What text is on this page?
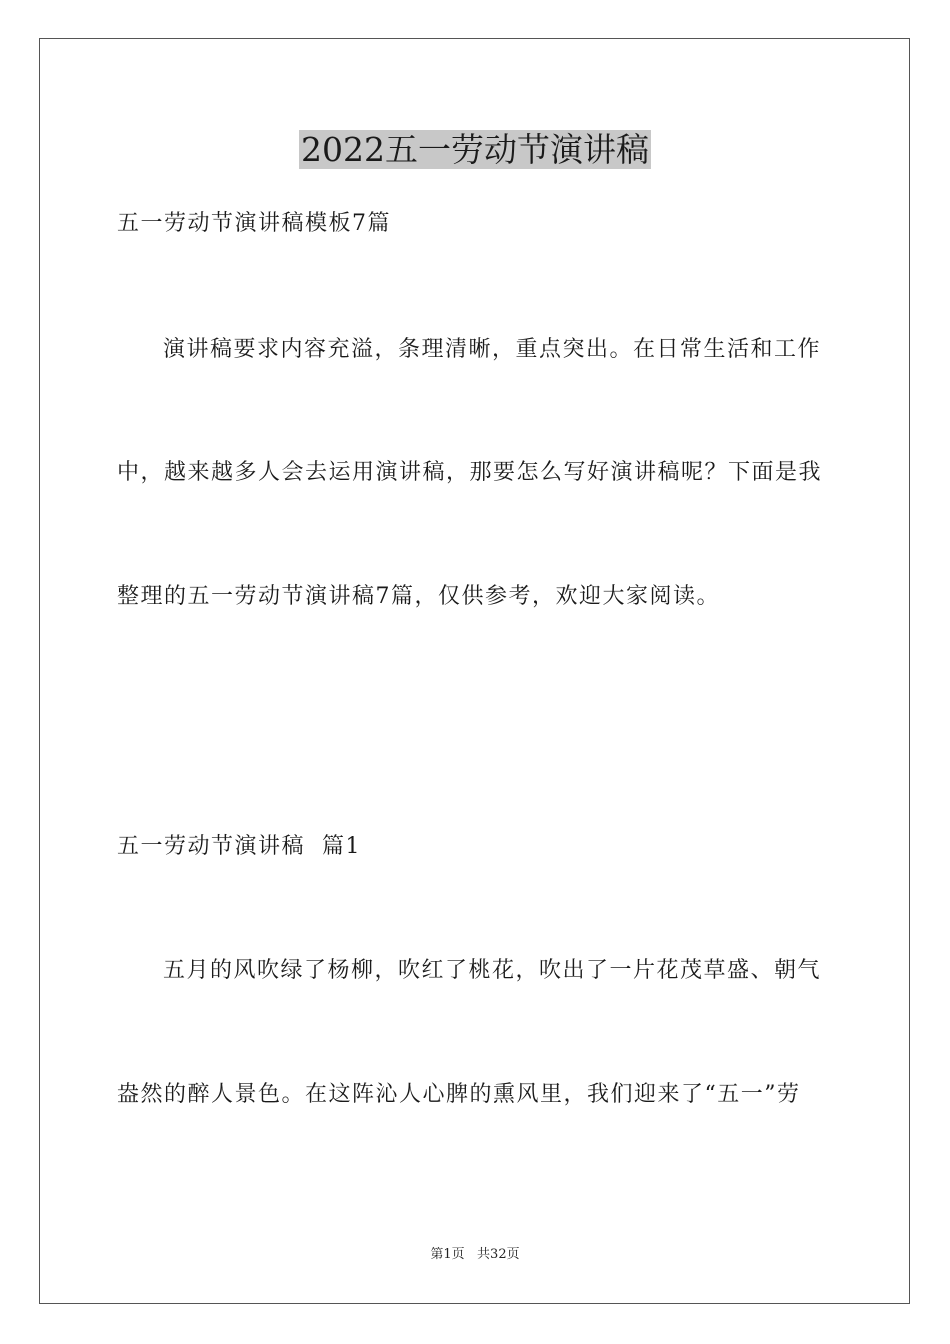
2022五一劳动节演讲稿
五一劳动节演讲稿模板7篇
演讲稿要求内容充溢，条理清晰，重点突出。在日常生活和工作
中，越来越多人会去运用演讲稿，那要怎么写好演讲稿呢？下面是我
整理的五一劳动节演讲稿7篇，仅供参考，欢迎大家阅读。
五一劳动节演讲稿  篇1
五月的风吹绿了杨柳，吹红了桃花，吹出了一片花茂草盛、朝气
盎然的醉人景色。在这阵沁人心脾的熏风里，我们迎来了“五一”劳
第1页   共32页
